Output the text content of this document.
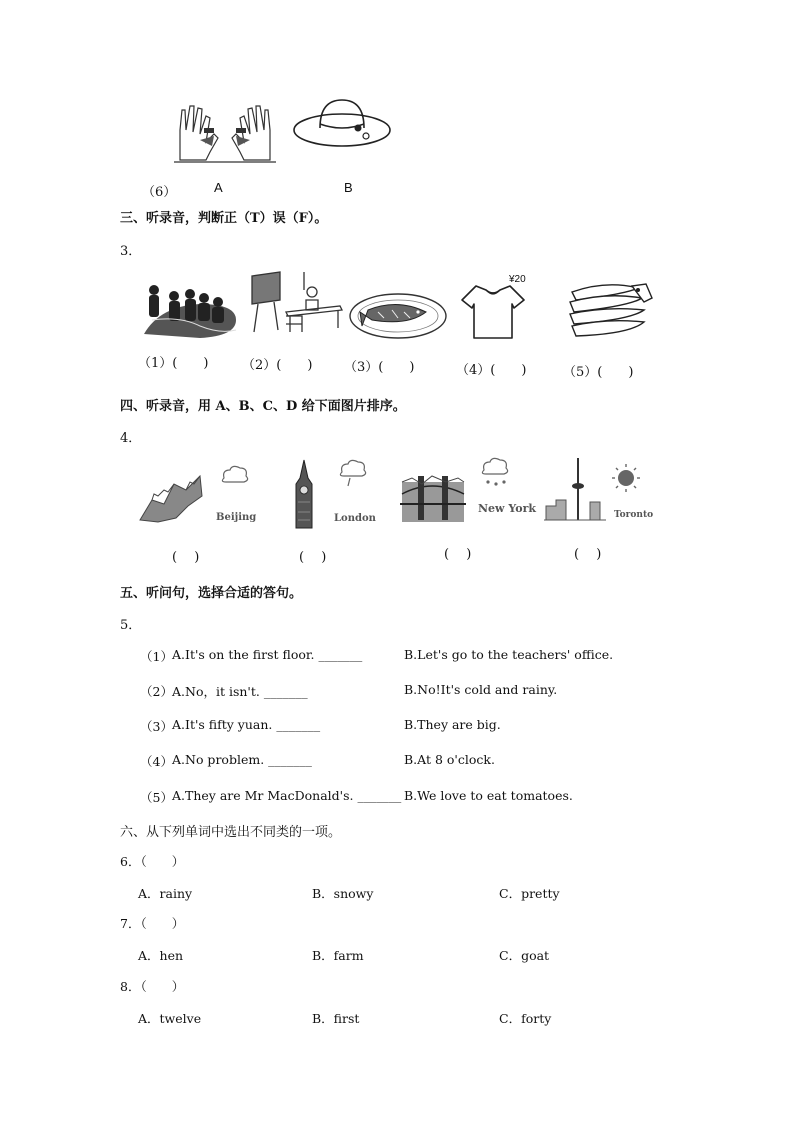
（6）	A	B
三、听录音，判断正（T）误（F）。
3．
¥20
（1）(　　)	（2）(　　) （3）(　　)	（4）(　　)	（5）(　　)
四、听录音，用 A、B、C、D 给下面图片排序。
4．
Beijing	London
New York	Toronto
(　 )	(　 )	(　 )	(　 )
五、听问句，选择合适的答句。
5．
（1） A.It's on the first floor. _______	B.Let's go to the teachers' office.
（2） A.No，it isn't. _______	B.No!It's cold and rainy.
（3） A.It's fifty yuan. _______	B.They are big.
（4） A.No problem. _______	B.At 8 o'clock.
（5） A.They are Mr MacDonald's. _______ B.We love to eat tomatoes.
六、从下列单词中选出不同类的一项。
6．（　　）
A．rainy	B．snowy	C．pretty
7．（　　）
A．hen	B．farm	C．goat
8．（　　）
A．twelve	B．first	C．forty
